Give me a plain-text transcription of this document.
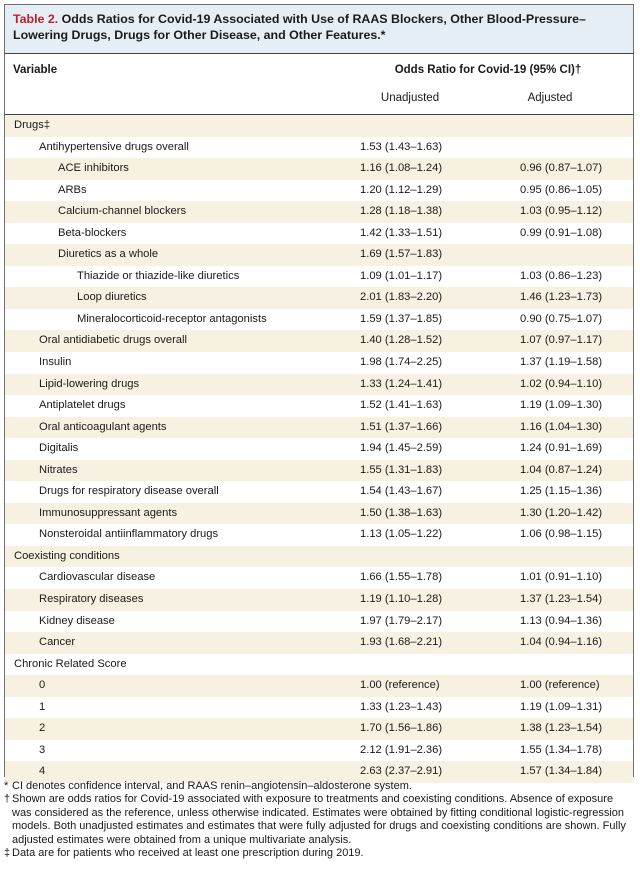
Table 2. Odds Ratios for Covid-19 Associated with Use of RAAS Blockers, Other Blood-Pressure–Lowering Drugs, Drugs for Other Disease, and Other Features.*
Variable	Odds Ratio for Covid-19 (95% CI)†
Unadjusted	Adjusted
Drugs‡
Antihypertensive drugs overall	1.53 (1.43–1.63)
ACE inhibitors	1.16 (1.08–1.24)	0.96 (0.87–1.07)
ARBs	1.20 (1.12–1.29)	0.95 (0.86–1.05)
Calcium-channel blockers	1.28 (1.18–1.38)	1.03 (0.95–1.12)
Beta-blockers	1.42 (1.33–1.51)	0.99 (0.91–1.08)
Diuretics as a whole	1.69 (1.57–1.83)
Thiazide or thiazide-like diuretics	1.09 (1.01–1.17)	1.03 (0.86–1.23)
Loop diuretics	2.01 (1.83–2.20)	1.46 (1.23–1.73)
Mineralocorticoid-receptor antagonists	1.59 (1.37–1.85)	0.90 (0.75–1.07)
Oral antidiabetic drugs overall	1.40 (1.28–1.52)	1.07 (0.97–1.17)
Insulin	1.98 (1.74–2.25)	1.37 (1.19–1.58)
Lipid-lowering drugs	1.33 (1.24–1.41)	1.02 (0.94–1.10)
Antiplatelet drugs	1.52 (1.41–1.63)	1.19 (1.09–1.30)
Oral anticoagulant agents	1.51 (1.37–1.66)	1.16 (1.04–1.30)
Digitalis	1.94 (1.45–2.59)	1.24 (0.91–1.69)
Nitrates	1.55 (1.31–1.83)	1.04 (0.87–1.24)
Drugs for respiratory disease overall	1.54 (1.43–1.67)	1.25 (1.15–1.36)
Immunosuppressant agents	1.50 (1.38–1.63)	1.30 (1.20–1.42)
Nonsteroidal antiinflammatory drugs	1.13 (1.05–1.22)	1.06 (0.98–1.15)
Coexisting conditions
Cardiovascular disease	1.66 (1.55–1.78)	1.01 (0.91–1.10)
Respiratory diseases	1.19 (1.10–1.28)	1.37 (1.23–1.54)
Kidney disease	1.97 (1.79–2.17)	1.13 (0.94–1.36)
Cancer	1.93 (1.68–2.21)	1.04 (0.94–1.16)
Chronic Related Score
0	1.00 (reference)	1.00 (reference)
1	1.33 (1.23–1.43)	1.19 (1.09–1.31)
2	1.70 (1.56–1.86)	1.38 (1.23–1.54)
3	2.12 (1.91–2.36)	1.55 (1.34–1.78)
4	2.63 (2.37–2.91)	1.57 (1.34–1.84)
* CI denotes confidence interval, and RAAS renin–angiotensin–aldosterone system.
† Shown are odds ratios for Covid-19 associated with exposure to treatments and coexisting conditions. Absence of exposure was considered as the reference, unless otherwise indicated. Estimates were obtained by fitting conditional logistic-regression models. Both unadjusted estimates and estimates that were fully adjusted for drugs and coexisting conditions are shown. Fully adjusted estimates were obtained from a unique multivariate analysis.
‡ Data are for patients who received at least one prescription during 2019.
